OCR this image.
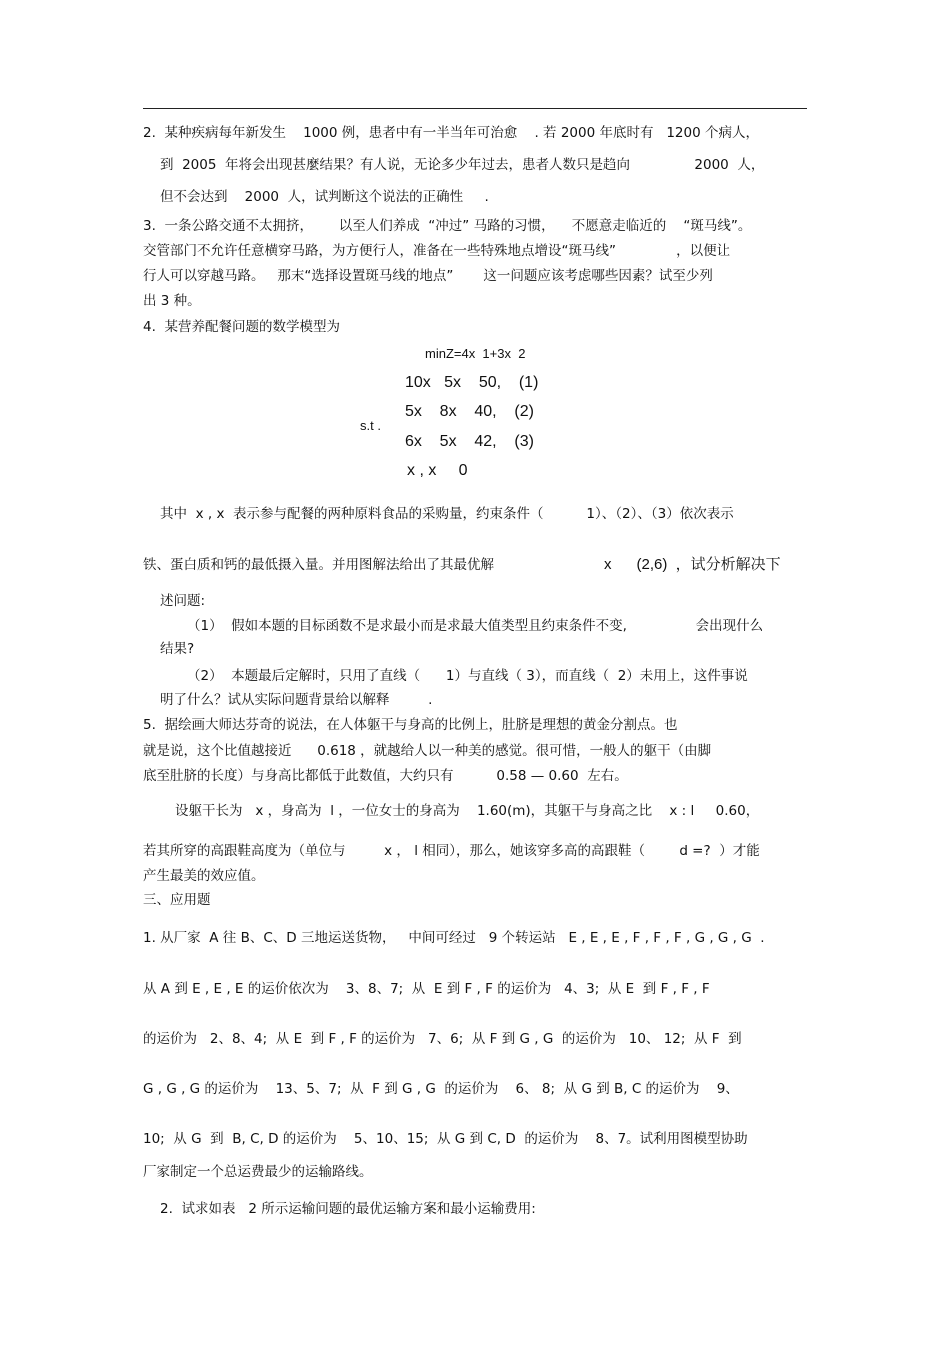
2.  某种疾病每年新发生    1000 例，患者中有一半当年可治愈    . 若 2000 年底时有   1200 个病人，
到  2005  年将会出现甚麼结果？有人说，无论多少年过去，患者人数只是趋向               2000  人，
但不会达到    2000  人，试判断这个说法的正确性     .
3.  一条公路交通不太拥挤，      以至人们养成  “冲过” 马路的习惯，    不愿意走临近的    “斑马线”。
交管部门不允许任意横穿马路，为方便行人，准备在一些特殊地点增设“斑马线”              ，以便让
行人可以穿越马路。   那末“选择设置斑马线的地点”       这一问题应该考虑哪些因素？试至少列
出 3 种。
4.  某营养配餐问题的数学模型为
minZ=4x  1+3x  2
s.t .
10x   5x    50,    (1)
5x    8x    40,    (2)
6x    5x    42,    (3)
x , x     0
其中  x , x  表示参与配餐的两种原料食品的采购量，约束条件（          1）、（2）、（3）依次表示
铁、蛋白质和钙的最低摄入量。并用图解法给出了其最优解	x      (2,6)  ，试分析解决下
述问题:
（1）  假如本题的目标函数不是求最小而是求最大值类型且约束条件不变,                会出现什么
结果?
（2）  本题最后定解时，只用了直线（      1）与直线（ 3），而直线（  2）未用上，这件事说
明了什么？试从实际问题背景给以解释         .
5.  据绘画大师达芬奇的说法，在人体躯干与身高的比例上，肚脐是理想的黄金分割点。也
就是说，这个比值越接近      0.618 ，就越给人以一种美的感觉。很可惜，一般人的躯干（由脚
底至肚脐的长度）与身高比都低于此数值，大约只有          0.58 — 0.60  左右。
设躯干长为   x ，身高为  l ，一位女士的身高为    1.60(m)，其躯干与身高之比    x : l     0.60，
若其所穿的高跟鞋高度为（单位与         x ， l 相同），那么，她该穿多高的高跟鞋（        d =?  ）才能
产生最美的效应值。
三、应用题
1. 从厂家  A 往 B、C、D 三地运送货物，   中间可经过   9 个转运站   E , E , E , F , F , F , G , G , G  .
从 A 到 E , E , E 的运价依次为    3、8、7;  从  E 到 F , F 的运价为   4、3;  从 E  到 F , F , F
的运价为   2、8、4;  从 E  到 F , F 的运价为   7、6;  从 F 到 G , G  的运价为   10、 12;  从 F  到
G , G , G 的运价为    13、5、7;  从  F 到 G , G  的运价为    6、 8;  从 G 到 B, C 的运价为    9、
10;  从 G  到  B, C, D 的运价为    5、10、15;  从 G 到 C, D  的运价为    8、7。试利用图模型协助
厂家制定一个总运费最少的运输路线。
2.  试求如表   2 所示运输问题的最优运输方案和最小运输费用:
